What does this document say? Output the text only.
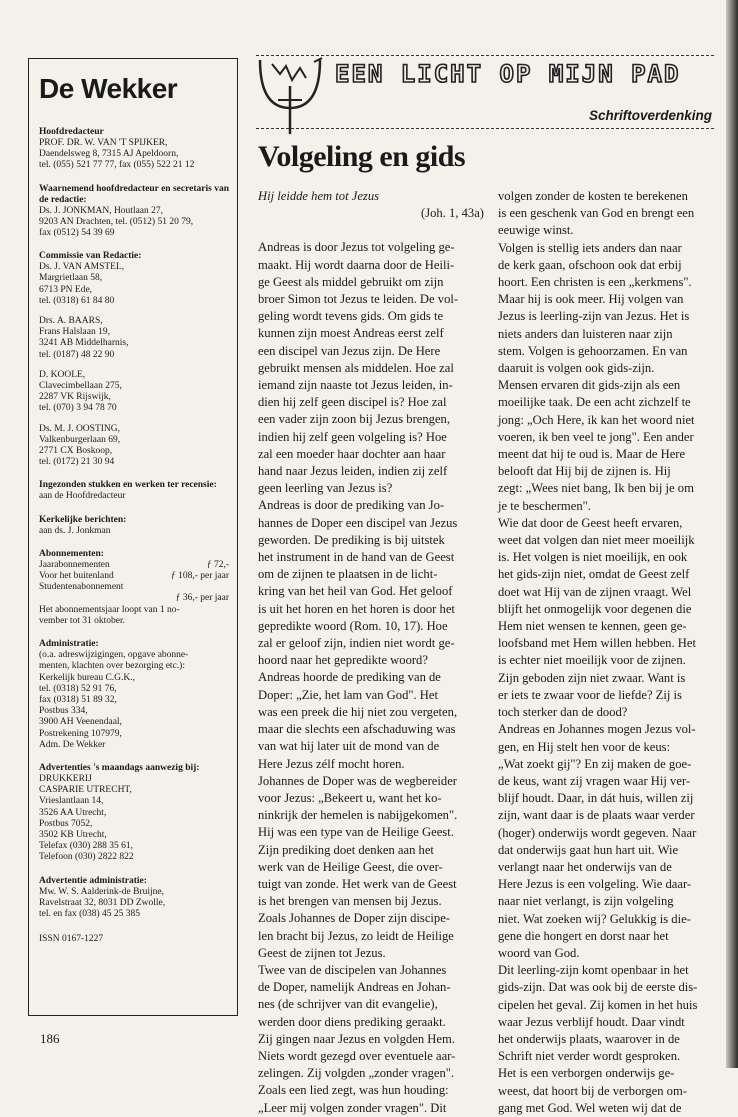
De Wekker
Hoofdredacteur
PROF. DR. W. VAN 'T SPIJKER,
Daendelsweg 8, 7315 AJ Apeldoorn,
tel. (055) 521 77 77, fax (055) 522 21 12
Waarnemend hoofdredacteur en secretaris van de redactie:
Ds. J. JONKMAN, Houtlaan 27,
9203 AN Drachten, tel. (0512) 51 20 79,
fax (0512) 54 39 69
Commissie van Redactie:
Ds. J. VAN AMSTEL,
Margrietlaan 58,
6713 PN Ede,
tel. (0318) 61 84 80
Drs. A. BAARS,
Frans Halslaan 19,
3241 AB Middelharnis,
tel. (0187) 48 22 90
D. KOOLE,
Clavecimbellaan 275,
2287 VK Rijswijk,
tel. (070) 3 94 78 70
Ds. M. J. OOSTING,
Valkenburgerlaan 69,
2771 CX Boskoop,
tel. (0172) 21 30 94
Ingezonden stukken en werken ter recensie:
aan de Hoofdredacteur
Kerkelijke berichten:
aan ds. J. Jonkman
Abonnementen:
Jaarabonnementen	ƒ 72,-
Voor het buitenland	ƒ 108,- per jaar
Studentenabonnement
ƒ 36,- per jaar
Het abonnementsjaar loopt van 1 no-
vember tot 31 oktober.
Administratie:
(o.a. adreswijzigingen, opgave abonne-
menten, klachten over bezorging etc.):
Kerkelijk bureau C.G.K.,
tel. (0318) 52 91 76,
fax (0318) 51 89 32,
Postbus 334,
3900 AH Veenendaal,
Postrekening 107979,
Adm. De Wekker
Advertenties 's maandags aanwezig bij:
DRUKKERIJ
CASPARIE UTRECHT,
Vrieslantlaan 14,
3526 AA Utrecht,
Postbus 7052,
3502 KB Utrecht,
Telefax (030) 288 35 61,
Telefoon (030) 2822 822
Advertentie administratie:
Mw. W. S. Aalderink-de Bruijne,
Ravelstraat 32, 8031 DD Zwolle,
tel. en fax (038) 45 25 385
ISSN 0167-1227
EEN LICHT OP MIJN PAD
Schriftoverdenking
Volgeling en gids
Hij leidde hem tot Jezus
(Joh. 1, 43a)
Andreas is door Jezus tot volgeling ge-
maakt. Hij wordt daarna door de Heili-
ge Geest als middel gebruikt om zijn
broer Simon tot Jezus te leiden. De vol-
geling wordt tevens gids. Om gids te
kunnen zijn moest Andreas eerst zelf
een discipel van Jezus zijn. De Here
gebruikt mensen als middelen. Hoe zal
iemand zijn naaste tot Jezus leiden, in-
dien hij zelf geen discipel is? Hoe zal
een vader zijn zoon bij Jezus brengen,
indien hij zelf geen volgeling is? Hoe
zal een moeder haar dochter aan haar
hand naar Jezus leiden, indien zij zelf
geen leerling van Jezus is?
Andreas is door de prediking van Jo-
hannes de Doper een discipel van Jezus
geworden. De prediking is bij uitstek
het instrument in de hand van de Geest
om de zijnen te plaatsen in de licht-
kring van het heil van God. Het geloof
is uit het horen en het horen is door het
gepredikte woord (Rom. 10, 17). Hoe
zal er geloof zijn, indien niet wordt ge-
hoord naar het gepredikte woord?
Andreas hoorde de prediking van de
Doper: „Zie, het lam van God". Het
was een preek die hij niet zou vergeten,
maar die slechts een afschaduwing was
van wat hij later uit de mond van de
Here Jezus zélf mocht horen.
Johannes de Doper was de wegbereider
voor Jezus: „Bekeert u, want het ko-
ninkrijk der hemelen is nabijgekomen".
Hij was een type van de Heilige Geest.
Zijn prediking doet denken aan het
werk van de Heilige Geest, die over-
tuigt van zonde. Het werk van de Geest
is het brengen van mensen bij Jezus.
Zoals Johannes de Doper zijn discipe-
len bracht bij Jezus, zo leidt de Heilige
Geest de zijnen tot Jezus.
Twee van de discipelen van Johannes
de Doper, namelijk Andreas en Johan-
nes (de schrijver van dit evangelie),
werden door diens prediking geraakt.
Zij gingen naar Jezus en volgden Hem.
Niets wordt gezegd over eventuele aar-
zelingen. Zij volgden „zonder vragen".
Zoals een lied zegt, was hun houding:
„Leer mij volgen zonder vragen". Dit
volgen zonder de kosten te berekenen
is een geschenk van God en brengt een
eeuwige winst.
Volgen is stellig iets anders dan naar
de kerk gaan, ofschoon ook dat erbij
hoort. Een christen is een „kerkmens".
Maar hij is ook meer. Hij volgen van
Jezus is leerling-zijn van Jezus. Het is
niets anders dan luisteren naar zijn
stem. Volgen is gehoorzamen. En van
daaruit is volgen ook gids-zijn.
Mensen ervaren dit gids-zijn als een
moeilijke taak. De een acht zichzelf te
jong: „Och Here, ik kan het woord niet
voeren, ik ben veel te jong". Een ander
meent dat hij te oud is. Maar de Here
belooft dat Hij bij de zijnen is. Hij
zegt: „Wees niet bang, Ik ben bij je om
je te beschermen".
Wie dat door de Geest heeft ervaren,
weet dat volgen dan niet meer moeilijk
is. Het volgen is niet moeilijk, en ook
het gids-zijn niet, omdat de Geest zelf
doet wat Hij van de zijnen vraagt. Wel
blijft het onmogelijk voor degenen die
Hem niet wensen te kennen, geen ge-
loofsband met Hem willen hebben. Het
is echter niet moeilijk voor de zijnen.
Zijn geboden zijn niet zwaar. Want is
er iets te zwaar voor de liefde? Zij is
toch sterker dan de dood?
Andreas en Johannes mogen Jezus vol-
gen, en Hij stelt hen voor de keus:
„Wat zoekt gij"? En zij maken de goe-
de keus, want zij vragen waar Hij ver-
blijf houdt. Daar, in dát huis, willen zij
zijn, want daar is de plaats waar verder
(hoger) onderwijs wordt gegeven. Naar
dat onderwijs gaat hun hart uit. Wie
verlangt naar het onderwijs van de
Here Jezus is een volgeling. Wie daar-
naar niet verlangt, is zijn volgeling
niet. Wat zoeken wij? Gelukkig is die-
gene die hongert en dorst naar het
woord van God.
Dit leerling-zijn komt openbaar in het
gids-zijn. Dat was ook bij de eerste dis-
cipelen het geval. Zij komen in het huis
waar Jezus verblijf houdt. Daar vindt
het onderwijs plaats, waarover in de
Schrift niet verder wordt gesproken.
Het is een verborgen onderwijs ge-
weest, dat hoort bij de verborgen om-
gang met God. Wel weten wij dat de
186
